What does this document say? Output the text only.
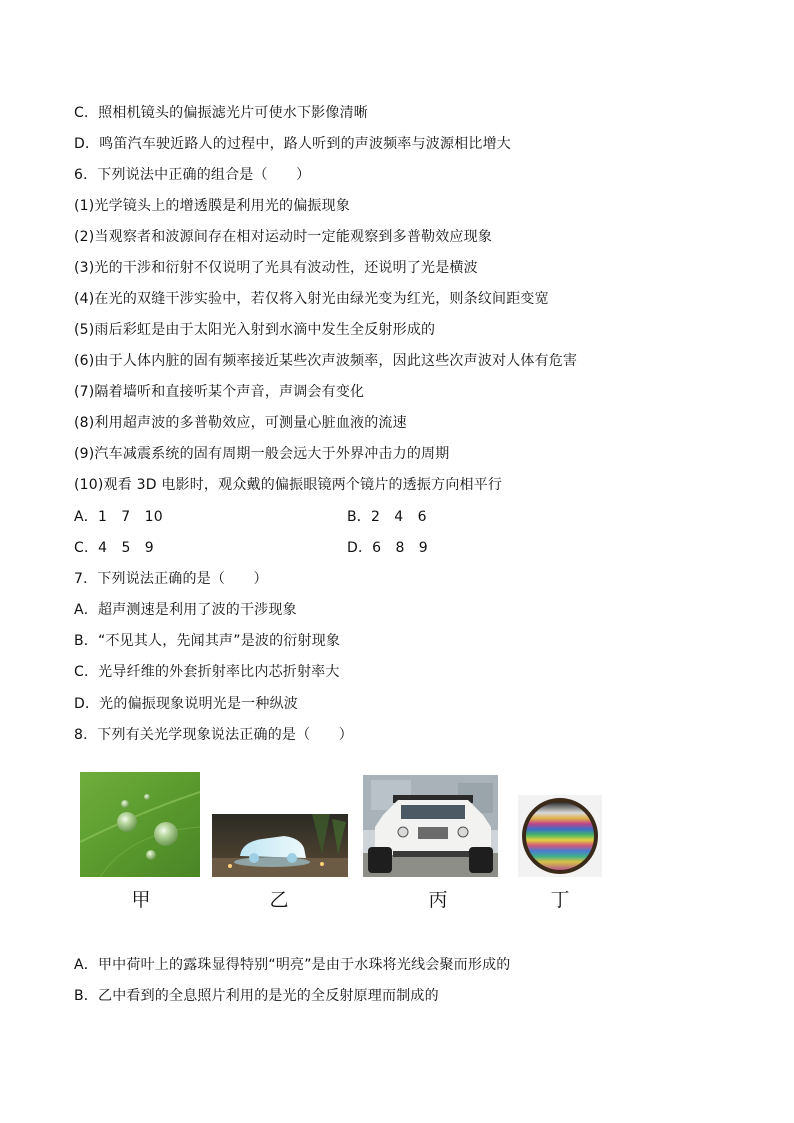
C．照相机镜头的偏振滤光片可使水下影像清晰
D．鸣笛汽车驶近路人的过程中，路人听到的声波频率与波源相比增大
6．下列说法中正确的组合是（　　）
(1)光学镜头上的增透膜是利用光的偏振现象
(2)当观察者和波源间存在相对运动时一定能观察到多普勒效应现象
(3)光的干涉和衍射不仅说明了光具有波动性，还说明了光是横波
(4)在光的双缝干涉实验中，若仅将入射光由绿光变为红光，则条纹间距变宽
(5)雨后彩虹是由于太阳光入射到水滴中发生全反射形成的
(6)由于人体内脏的固有频率接近某些次声波频率，因此这些次声波对人体有危害
(7)隔着墙听和直接听某个声音，声调会有变化
(8)利用超声波的多普勒效应，可测量心脏血液的流速
(9)汽车减震系统的固有周期一般会远大于外界冲击力的周期
(10)观看 3D 电影时，观众戴的偏振眼镜两个镜片的透振方向相平行
A．1　7　10	B．2　4　6
C．4　5　9	D．6　8　9
7．下列说法正确的是（　　）
A．超声测速是利用了波的干涉现象
B．“不见其人，先闻其声”是波的衍射现象
C．光导纤维的外套折射率比内芯折射率大
D．光的偏振现象说明光是一种纵波
8．下列有关光学现象说法正确的是（　　）
甲	乙	丙	丁
A．甲中荷叶上的露珠显得特别“明亮”是由于水珠将光线会聚而形成的
B．乙中看到的全息照片利用的是光的全反射原理而制成的
